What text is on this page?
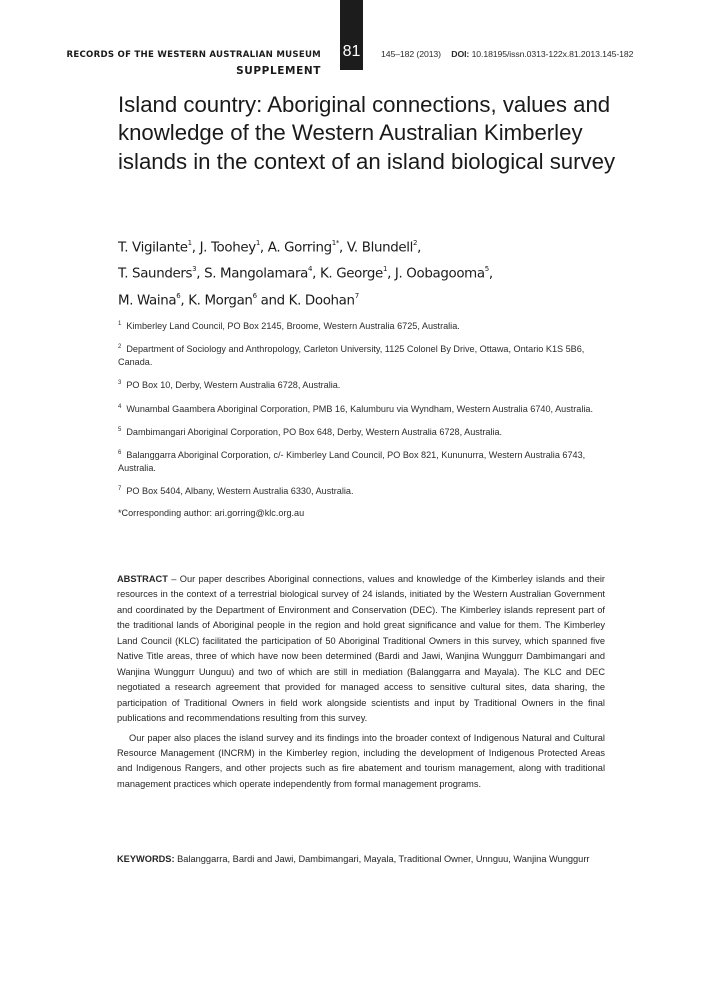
RECORDS OF THE WESTERN AUSTRALIAN MUSEUM
SUPPLEMENT
81 145–182 (2013) DOI: 10.18195/issn.0313-122x.81.2013.145-182
Island country: Aboriginal connections, values and knowledge of the Western Australian Kimberley islands in the context of an island biological survey
T. Vigilante$^1$, J. Toohey$^1$, A. Gorring$^{1*}$, V. Blundell$^2$,
T. Saunders$^3$, S. Mangolamara$^4$, K. George$^1$, J. Oobagooma$^5$,
M. Waina$^6$, K. Morgan$^6$ and K. Doohan$^7$
$^1$ Kimberley Land Council, PO Box 2145, Broome, Western Australia 6725, Australia.
$^2$ Department of Sociology and Anthropology, Carleton University, 1125 Colonel By Drive, Ottawa, Ontario K1S 5B6, Canada.
$^3$ PO Box 10, Derby, Western Australia 6728, Australia.
$^4$ Wunambal Gaambera Aboriginal Corporation, PMB 16, Kalumburu via Wyndham, Western Australia 6740, Australia.
$^5$ Dambimangari Aboriginal Corporation, PO Box 648, Derby, Western Australia 6728, Australia.
$^6$ Balanggarra Aboriginal Corporation, c/- Kimberley Land Council, PO Box 821, Kununurra, Western Australia 6743, Australia.
$^7$ PO Box 5404, Albany, Western Australia 6330, Australia.
*Corresponding author: ari.gorring@klc.org.au

ABSTRACT – Our paper describes Aboriginal connections, values and knowledge of the Kimberley islands and their resources in the context of a terrestrial biological survey of 24 islands, initiated by the Western Australian Government and coordinated by the Department of Environment and Conservation (DEC). The Kimberley islands represent part of the traditional lands of Aboriginal people in the region and hold great significance and value for them. The Kimberley Land Council (KLC) facilitated the participation of 50 Aboriginal Traditional Owners in this survey, which spanned five Native Title areas, three of which have now been determined (Bardi and Jawi, Wanjina Wunggurr Dambimangari and Wanjina Wunggurr Uunguu) and two of which are still in mediation (Balanggarra and Mayala). The KLC and DEC negotiated a research agreement that provided for managed access to sensitive cultural sites, data sharing, the participation of Traditional Owners in field work alongside scientists and input by Traditional Owners in the final publications and recommendations resulting from this survey.

Our paper also places the island survey and its findings into the broader context of Indigenous Natural and Cultural Resource Management (INCRM) in the Kimberley region, including the development of Indigenous Protected Areas and Indigenous Rangers, and other projects such as fire abatement and tourism management, along with traditional management practices which operate independently from formal management programs.

KEYWORDS: Balanggarra, Bardi and Jawi, Dambimangari, Mayala, Traditional Owner, Unnguu, Wanjina Wunggurr
